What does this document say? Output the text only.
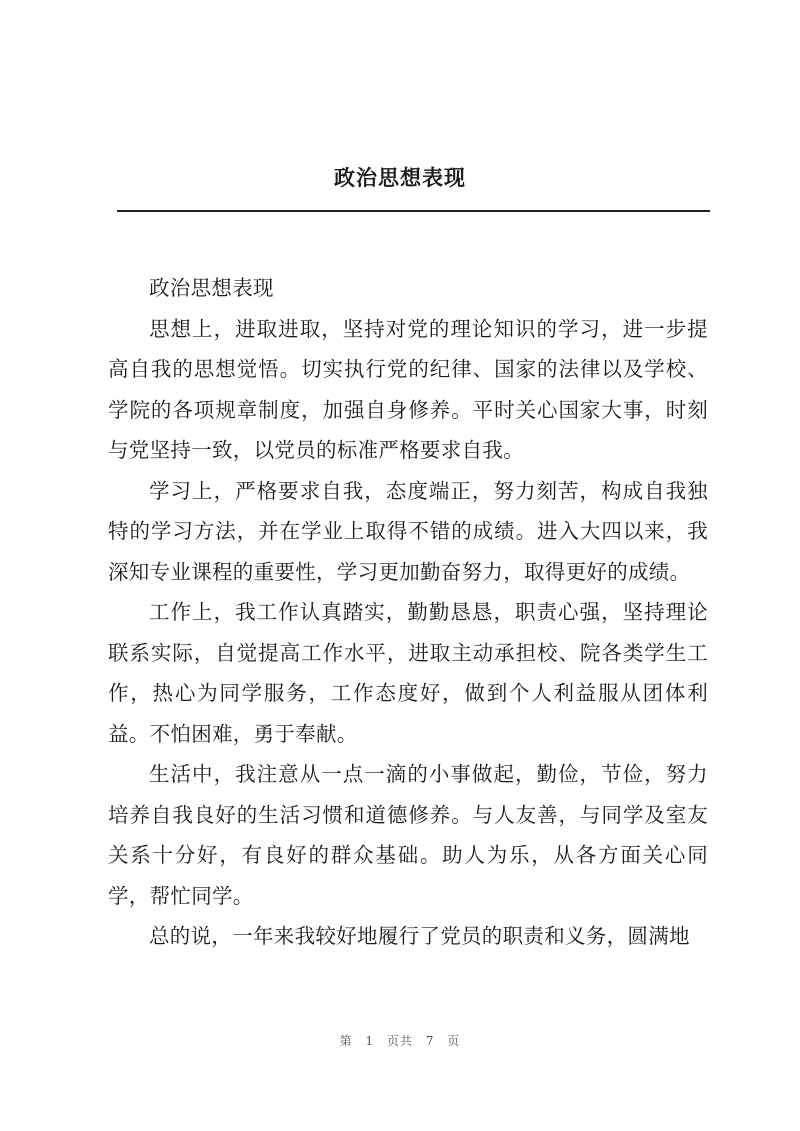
政治思想表现

政治思想表现

思想上，进取进取，坚持对党的理论知识的学习，进一步提高自我的思想觉悟。切实执行党的纪律、国家的法律以及学校、学院的各项规章制度，加强自身修养。平时关心国家大事，时刻与党坚持一致，以党员的标准严格要求自我。

学习上，严格要求自我，态度端正，努力刻苦，构成自我独特的学习方法，并在学业上取得不错的成绩。进入大四以来，我深知专业课程的重要性，学习更加勤奋努力，取得更好的成绩。

工作上，我工作认真踏实，勤勤恳恳，职责心强，坚持理论联系实际，自觉提高工作水平，进取主动承担校、院各类学生工作，热心为同学服务，工作态度好，做到个人利益服从团体利益。不怕困难，勇于奉献。

生活中，我注意从一点一滴的小事做起，勤俭，节俭，努力培养自我良好的生活习惯和道德修养。与人友善，与同学及室友关系十分好，有良好的群众基础。助人为乐，从各方面关心同学，帮忙同学。

总的说，一年来我较好地履行了党员的职责和义务，圆满地

第 1 页共 7 页
